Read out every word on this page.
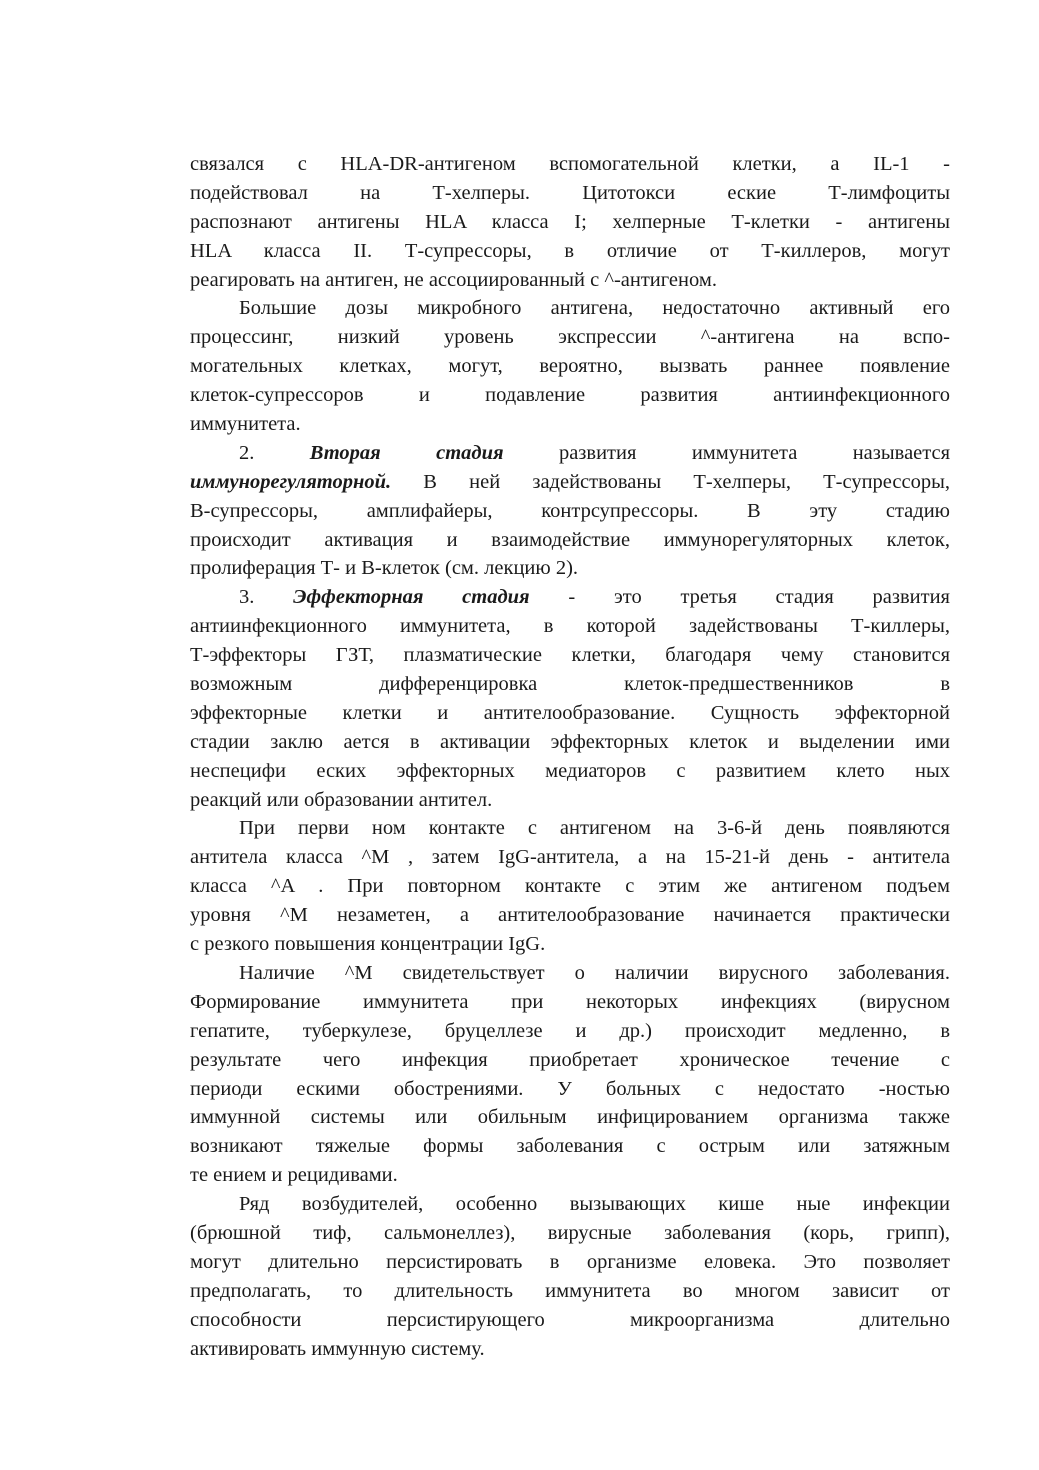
связался с HLA-DR-антигеном вспомогательной клетки, а IL-1 -
подействовал на Т-хелперы. Цитотокси еские Т-лимфоциты
распознают антигены HLA класса I; хелперные Т-клетки - антигены
HLA класса II. Т-супрессоры, в отличие от Т-киллеров, могут
реагировать на антиген, не ассоциированный с ^-антигеном.
Большие дозы микробного антигена, недостаточно активный его
процессинг, низкий уровень экспрессии ^-антигена на вспо-
могательных клетках, могут, вероятно, вызвать раннее появление
клеток-супрессоров и подавление развития антиинфекционного
иммунитета.
2. Вторая стадия развития иммунитета называется
иммунорегуляторной. В ней задействованы Т-хелперы, Т-супрессоры,
В-супрессоры, амплифайеры, контрсупрессоры. В эту стадию
происходит активация и взаимодействие иммунорегуляторных клеток,
пролиферация Т- и В-клеток (см. лекцию 2).
3. Эффекторная стадия - это третья стадия развития
антиинфекционного иммунитета, в которой задействованы Т-киллеры,
Т-эффекторы ГЗТ, плазматические клетки, благодаря чему становится
возможным дифференцировка клеток-предшественников в
эффекторные клетки и антителообразование. Сущность эффекторной
стадии заклю ается в активации эффекторных клеток и выделении ими
неспецифи еских эффекторных медиаторов с развитием клето ных
реакций или образовании антител.
При перви ном контакте с антигеном на 3-6-й день появляются
антитела класса ^M , затем IgG-антитела, а на 15-21-й день - антитела
класса ^A . При повторном контакте с этим же антигеном подъем
уровня ^M незаметен, а антителообразование начинается практически
с резкого повышения концентрации IgG.
Наличие ^M свидетельствует о наличии вирусного заболевания.
Формирование иммунитета при некоторых инфекциях (вирусном
гепатите, туберкулезе, бруцеллезе и др.) происходит медленно, в
результате чего инфекция приобретает хроническое течение с
периоди ескими обострениями. У больных с недостато -ностью
иммунной системы или обильным инфицированием организма также
возникают тяжелые формы заболевания с острым или затяжным
те ением и рецидивами.
Ряд возбудителей, особенно вызывающих кише ные инфекции
(брюшной тиф, сальмонеллез), вирусные заболевания (корь, грипп),
могут длительно персистировать в организме еловека. Это позволяет
предполагать, то длительность иммунитета во многом зависит от
способности персистирующего микроорганизма длительно
активировать иммунную систему.
